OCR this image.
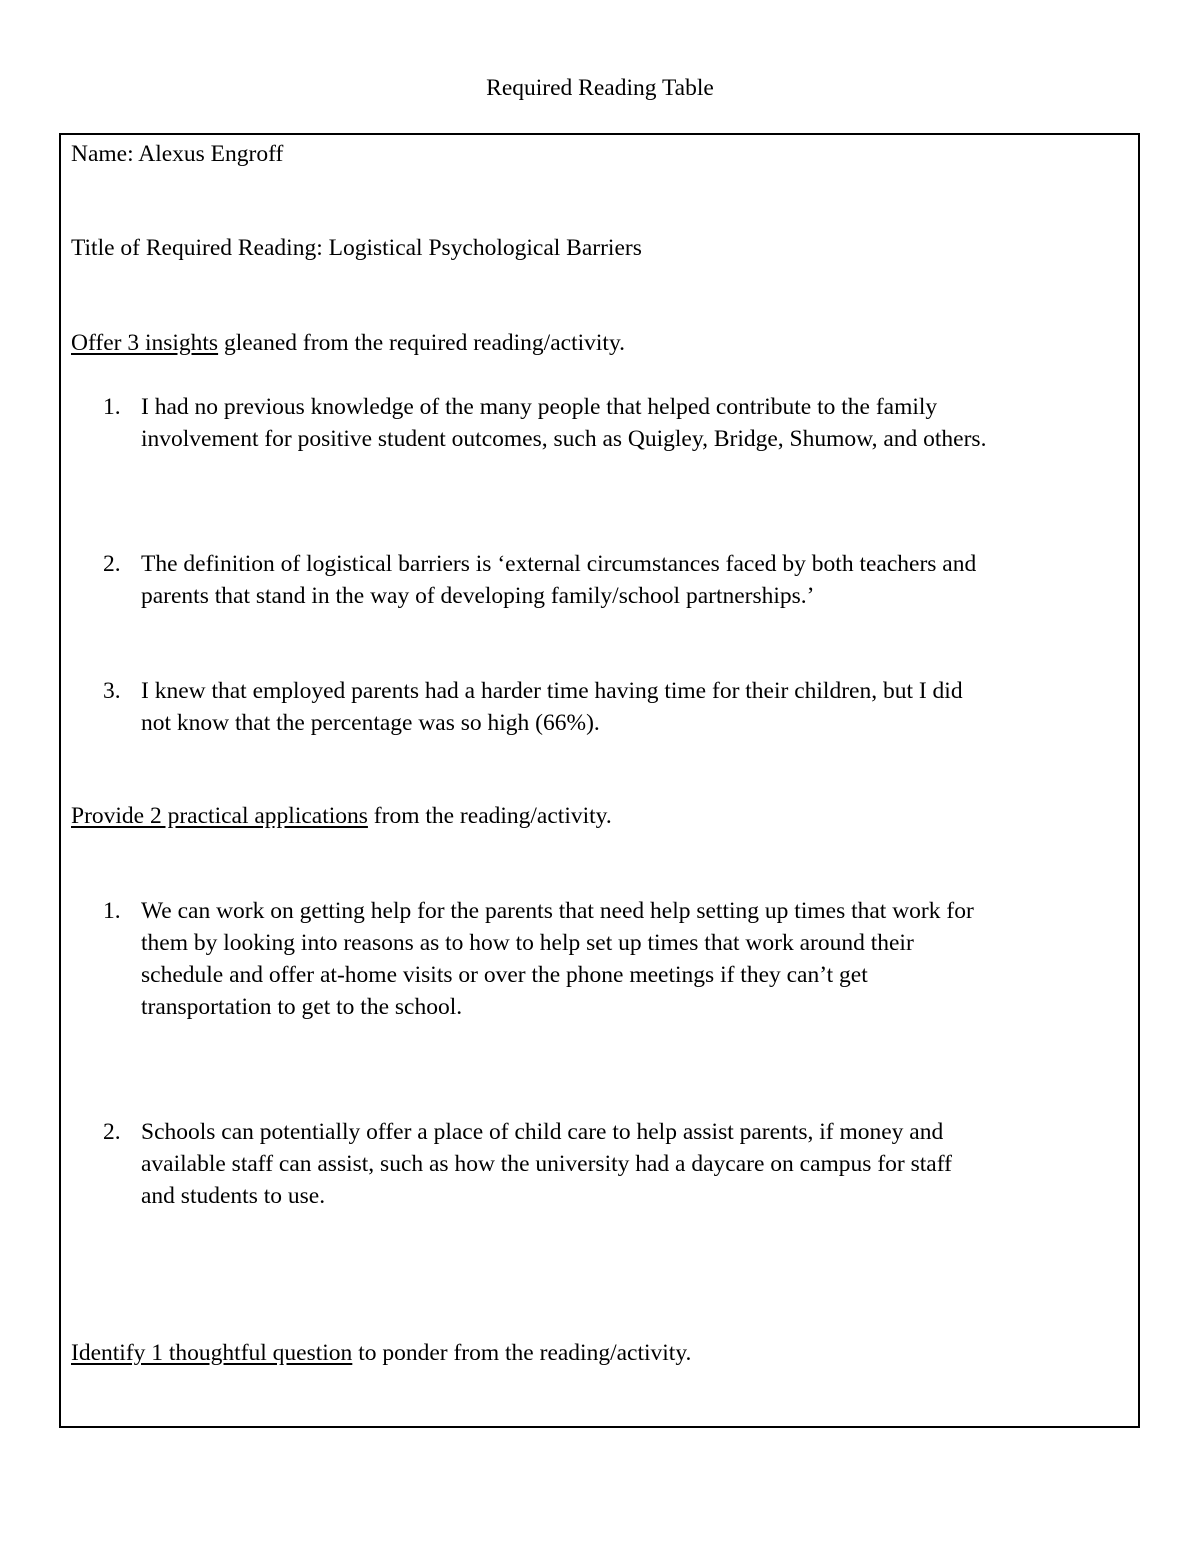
Required Reading Table
Name: Alexus Engroff
Title of Required Reading: Logistical Psychological Barriers
Offer 3 insights gleaned from the required reading/activity.
1. I had no previous knowledge of the many people that helped contribute to the family
involvement for positive student outcomes, such as Quigley, Bridge, Shumow, and others.
2. The definition of logistical barriers is ‘external circumstances faced by both teachers and
parents that stand in the way of developing family/school partnerships.’
3. I knew that employed parents had a harder time having time for their children, but I did
not know that the percentage was so high (66%).
Provide 2 practical applications from the reading/activity.
1. We can work on getting help for the parents that need help setting up times that work for
them by looking into reasons as to how to help set up times that work around their
schedule and offer at-home visits or over the phone meetings if they can’t get
transportation to get to the school.
2. Schools can potentially offer a place of child care to help assist parents, if money and
available staff can assist, such as how the university had a daycare on campus for staff
and students to use.
Identify 1 thoughtful question to ponder from the reading/activity.
